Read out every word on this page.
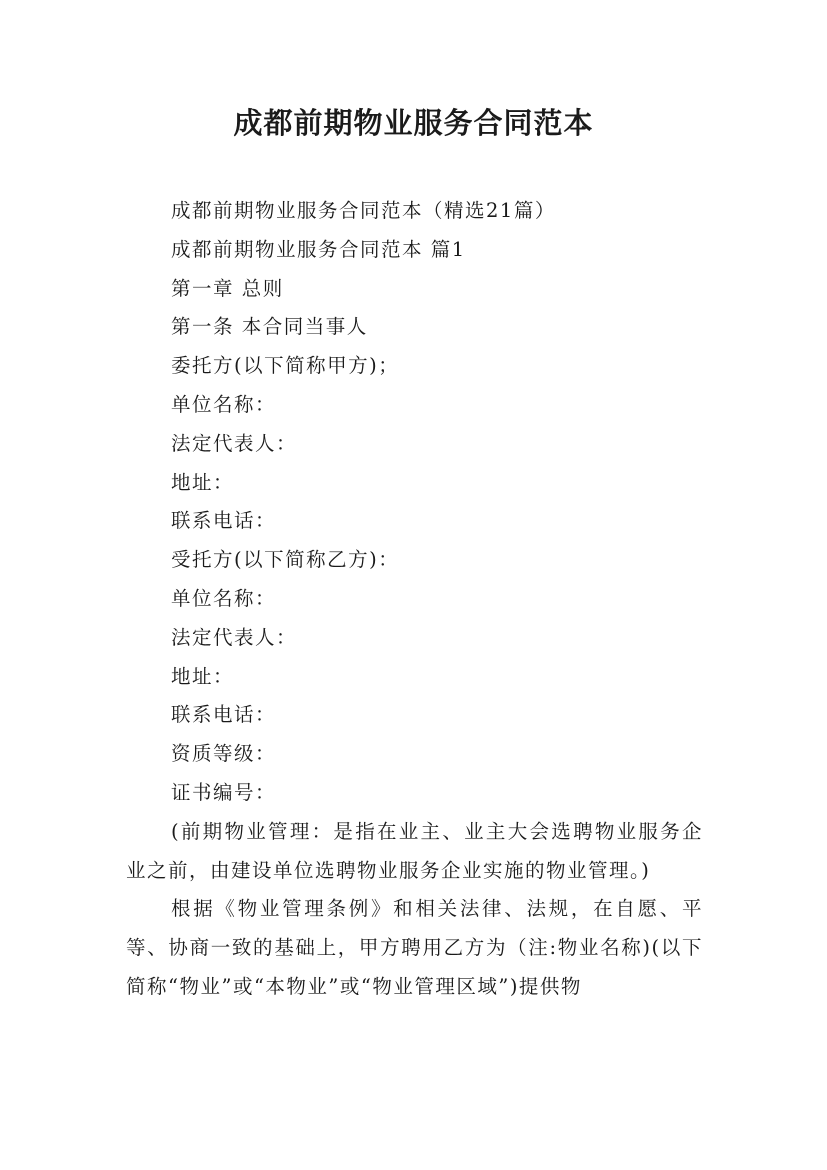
成都前期物业服务合同范本
成都前期物业服务合同范本（精选21篇）
成都前期物业服务合同范本 篇1
第一章 总则
第一条 本合同当事人
委托方(以下简称甲方)；
单位名称：
法定代表人：
地址：
联系电话：
受托方(以下简称乙方)：
单位名称：
法定代表人：
地址：
联系电话：
资质等级：
证书编号：

(前期物业管理：是指在业主、业主大会选聘物业服务企业之前，由建设单位选聘物业服务企业实施的物业管理。)

根据《物业管理条例》和相关法律、法规，在自愿、平等、协商一致的基础上，甲方聘用乙方为（注:物业名称)(以下简称“物业”或“本物业”或“物业管理区域”)提供物
